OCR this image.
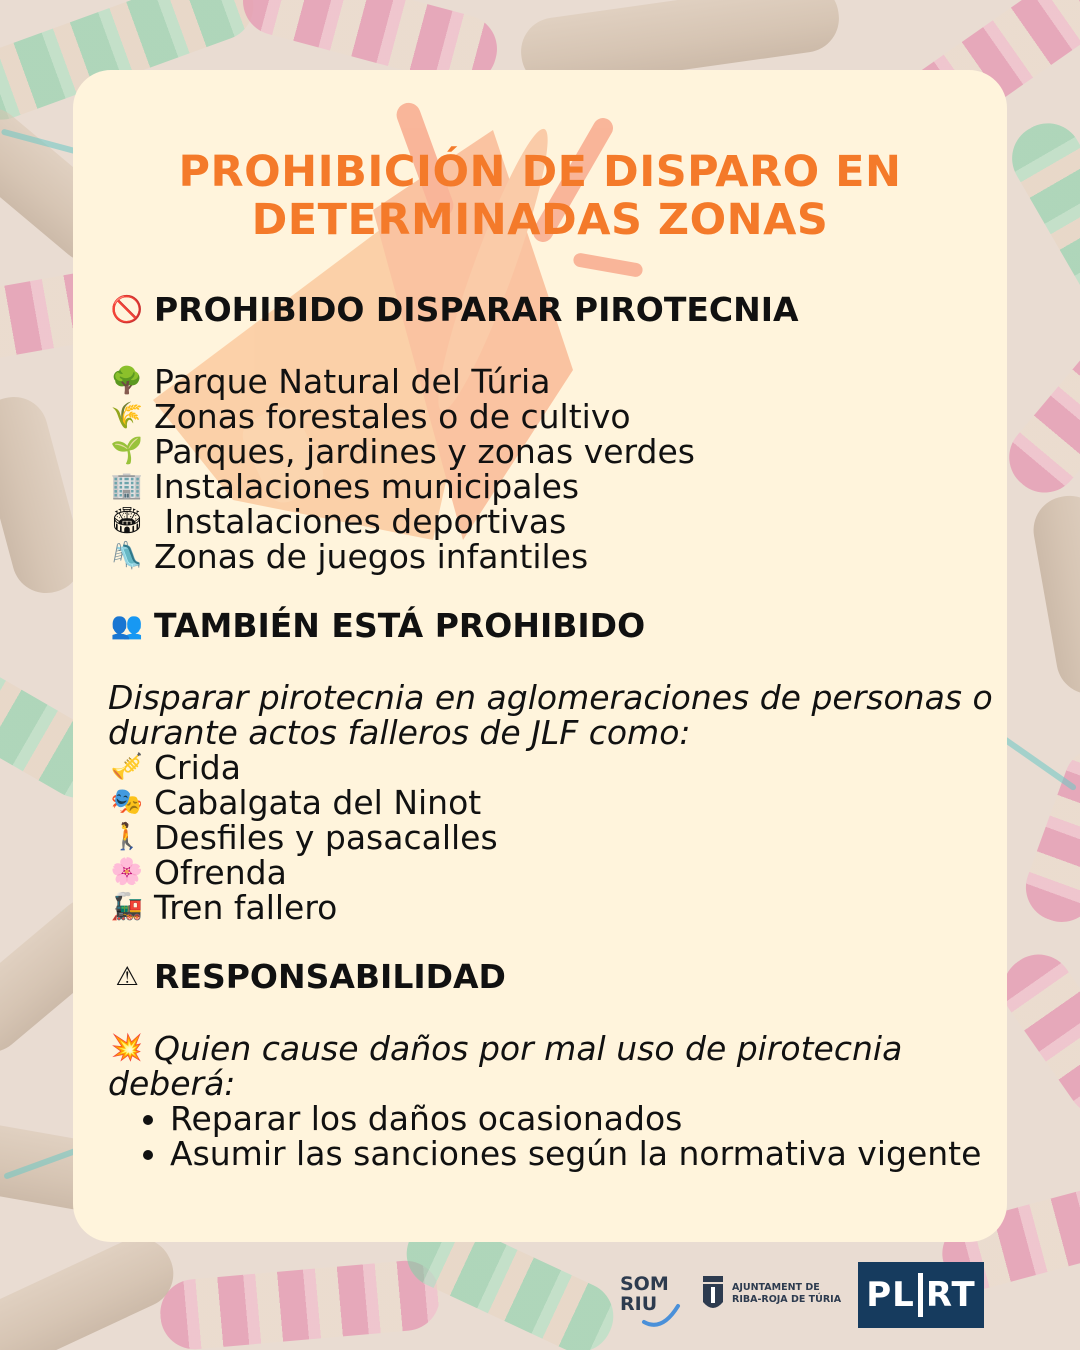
PROHIBICIÓN DE DISPARO EN
DETERMINADAS ZONAS
🚫 PROHIBIDO DISPARAR PIROTECNIA
🌳 Parque Natural del Túria
🌾 Zonas forestales o de cultivo
🌱 Parques, jardines y zonas verdes
🏢 Instalaciones municipales
🏟 Instalaciones deportivas
🛝 Zonas de juegos infantiles
👥 TAMBIÉN ESTÁ PROHIBIDO
Disparar pirotecnia en aglomeraciones de personas o
durante actos falleros de JLF como:
🎺 Crida
🎭 Cabalgata del Ninot
🚶 Desfiles y pasacalles
🌸 Ofrenda
🚂 Tren fallero
⚠ RESPONSABILIDAD
💥 Quien cause daños por mal uso de pirotecnia
deberá:
• Reparar los daños ocasionados
• Asumir las sanciones según la normativa vigente
SOM
RIU
AJUNTAMENT DE
RIBA-ROJA DE TÚRIA PL RT
